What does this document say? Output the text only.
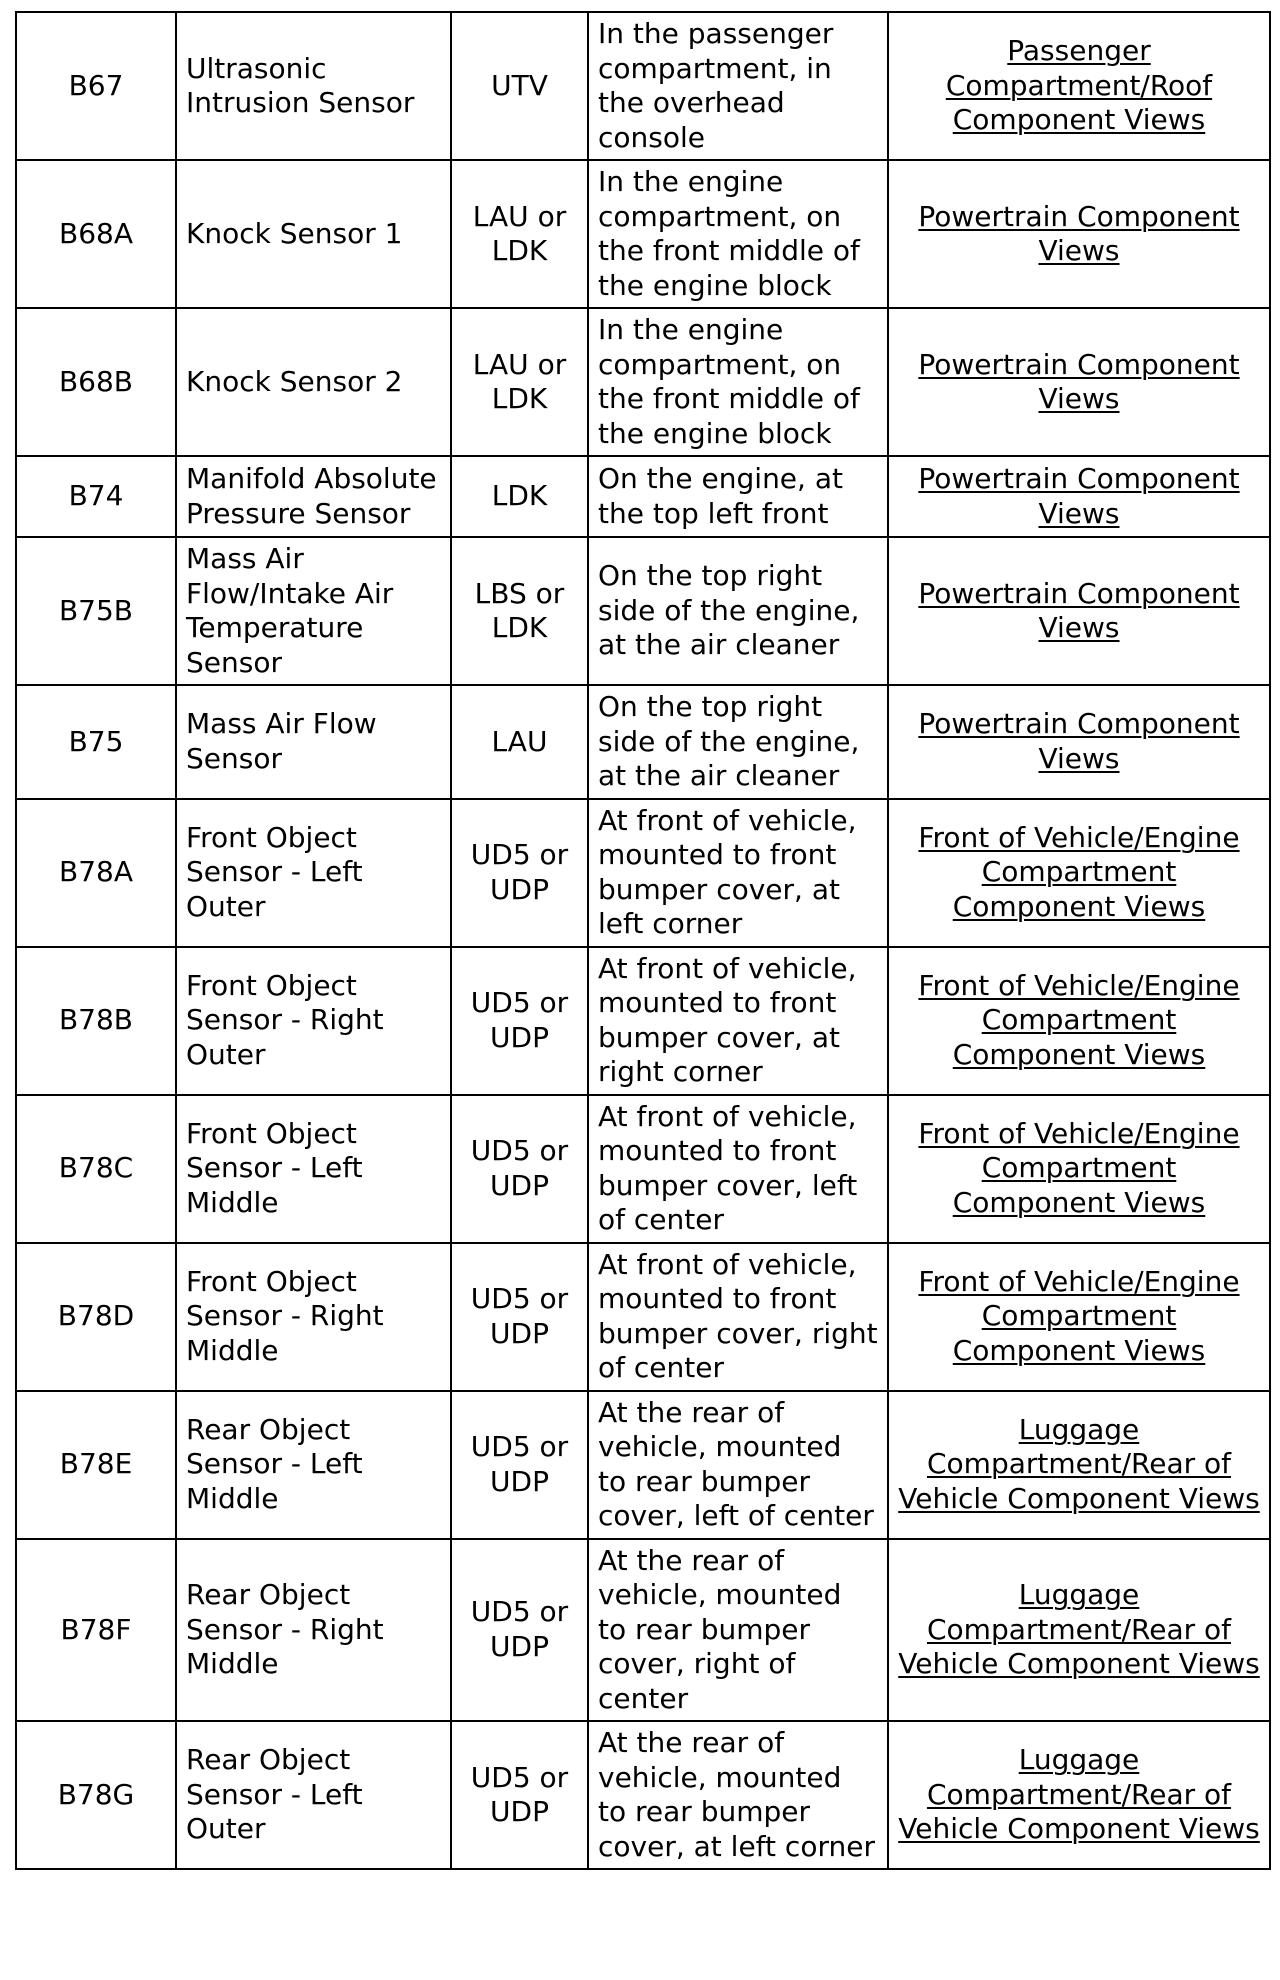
B67	Ultrasonic Intrusion Sensor	UTV	In the passenger compartment, in the overhead console	Passenger Compartment/Roof Component Views
B68A	Knock Sensor 1	LAU or LDK	In the engine compartment, on the front middle of the engine block	Powertrain Component Views
B68B	Knock Sensor 2	LAU or LDK	In the engine compartment, on the front middle of the engine block	Powertrain Component Views
B74	Manifold Absolute Pressure Sensor	LDK	On the engine, at the top left front	Powertrain Component Views
B75B	Mass Air Flow/Intake Air Temperature Sensor	LBS or LDK	On the top right side of the engine, at the air cleaner	Powertrain Component Views
B75	Mass Air Flow Sensor	LAU	On the top right side of the engine, at the air cleaner	Powertrain Component Views
B78A	Front Object Sensor - Left Outer	UD5 or UDP	At front of vehicle, mounted to front bumper cover, at left corner	Front of Vehicle/Engine Compartment Component Views
B78B	Front Object Sensor - Right Outer	UD5 or UDP	At front of vehicle, mounted to front bumper cover, at right corner	Front of Vehicle/Engine Compartment Component Views
B78C	Front Object Sensor - Left Middle	UD5 or UDP	At front of vehicle, mounted to front bumper cover, left of center	Front of Vehicle/Engine Compartment Component Views
B78D	Front Object Sensor - Right Middle	UD5 or UDP	At front of vehicle, mounted to front bumper cover, right of center	Front of Vehicle/Engine Compartment Component Views
B78E	Rear Object Sensor - Left Middle	UD5 or UDP	At the rear of vehicle, mounted to rear bumper cover, left of center	Luggage Compartment/Rear of Vehicle Component Views
B78F	Rear Object Sensor - Right Middle	UD5 or UDP	At the rear of vehicle, mounted to rear bumper cover, right of center	Luggage Compartment/Rear of Vehicle Component Views
B78G	Rear Object Sensor - Left Outer	UD5 or UDP	At the rear of vehicle, mounted to rear bumper cover, at left corner	Luggage Compartment/Rear of Vehicle Component Views
